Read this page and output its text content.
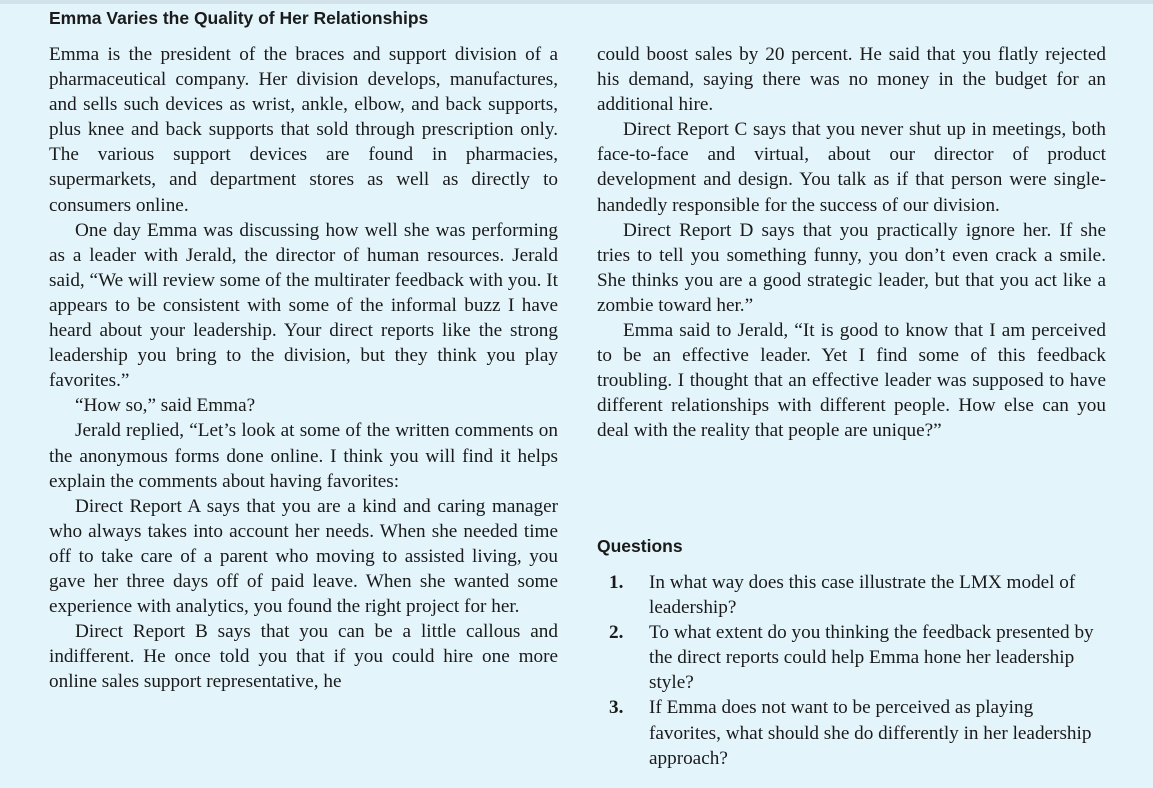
Emma Varies the Quality of Her Relationships

Emma is the president of the braces and support division of a pharmaceutical company. Her division develops, manufactures, and sells such devices as wrist, ankle, elbow, and back supports, plus knee and back supports that sold through prescription only. The various support devices are found in pharmacies, supermarkets, and department stores as well as directly to consumers online.

One day Emma was discussing how well she was performing as a leader with Jerald, the director of human resources. Jerald said, “We will review some of the multirater feedback with you. It appears to be consistent with some of the informal buzz I have heard about your leadership. Your direct reports like the strong leadership you bring to the division, but they think you play favorites.”

“How so,” said Emma?

Jerald replied, “Let’s look at some of the written comments on the anonymous forms done online. I think you will find it helps explain the comments about having favorites:

Direct Report A says that you are a kind and caring manager who always takes into account her needs. When she needed time off to take care of a parent who moving to assisted living, you gave her three days off of paid leave. When she wanted some experience with analytics, you found the right project for her.

Direct Report B says that you can be a little callous and indifferent. He once told you that if you could hire one more online sales support representative, he

could boost sales by 20 percent. He said that you flatly rejected his demand, saying there was no money in the budget for an additional hire.

Direct Report C says that you never shut up in meetings, both face-to-face and virtual, about our director of product development and design. You talk as if that person were single-handedly responsible for the success of our division.

Direct Report D says that you practically ignore her. If she tries to tell you something funny, you don’t even crack a smile. She thinks you are a good strategic leader, but that you act like a zombie toward her.”

Emma said to Jerald, “It is good to know that I am perceived to be an effective leader. Yet I find some of this feedback troubling. I thought that an effective leader was supposed to have different relationships with different people. How else can you deal with the reality that people are unique?”

Questions
1. In what way does this case illustrate the LMX model of leadership?
2. To what extent do you thinking the feedback presented by the direct reports could help Emma hone her leadership style?
3. If Emma does not want to be perceived as playing favorites, what should she do differently in her leadership approach?
